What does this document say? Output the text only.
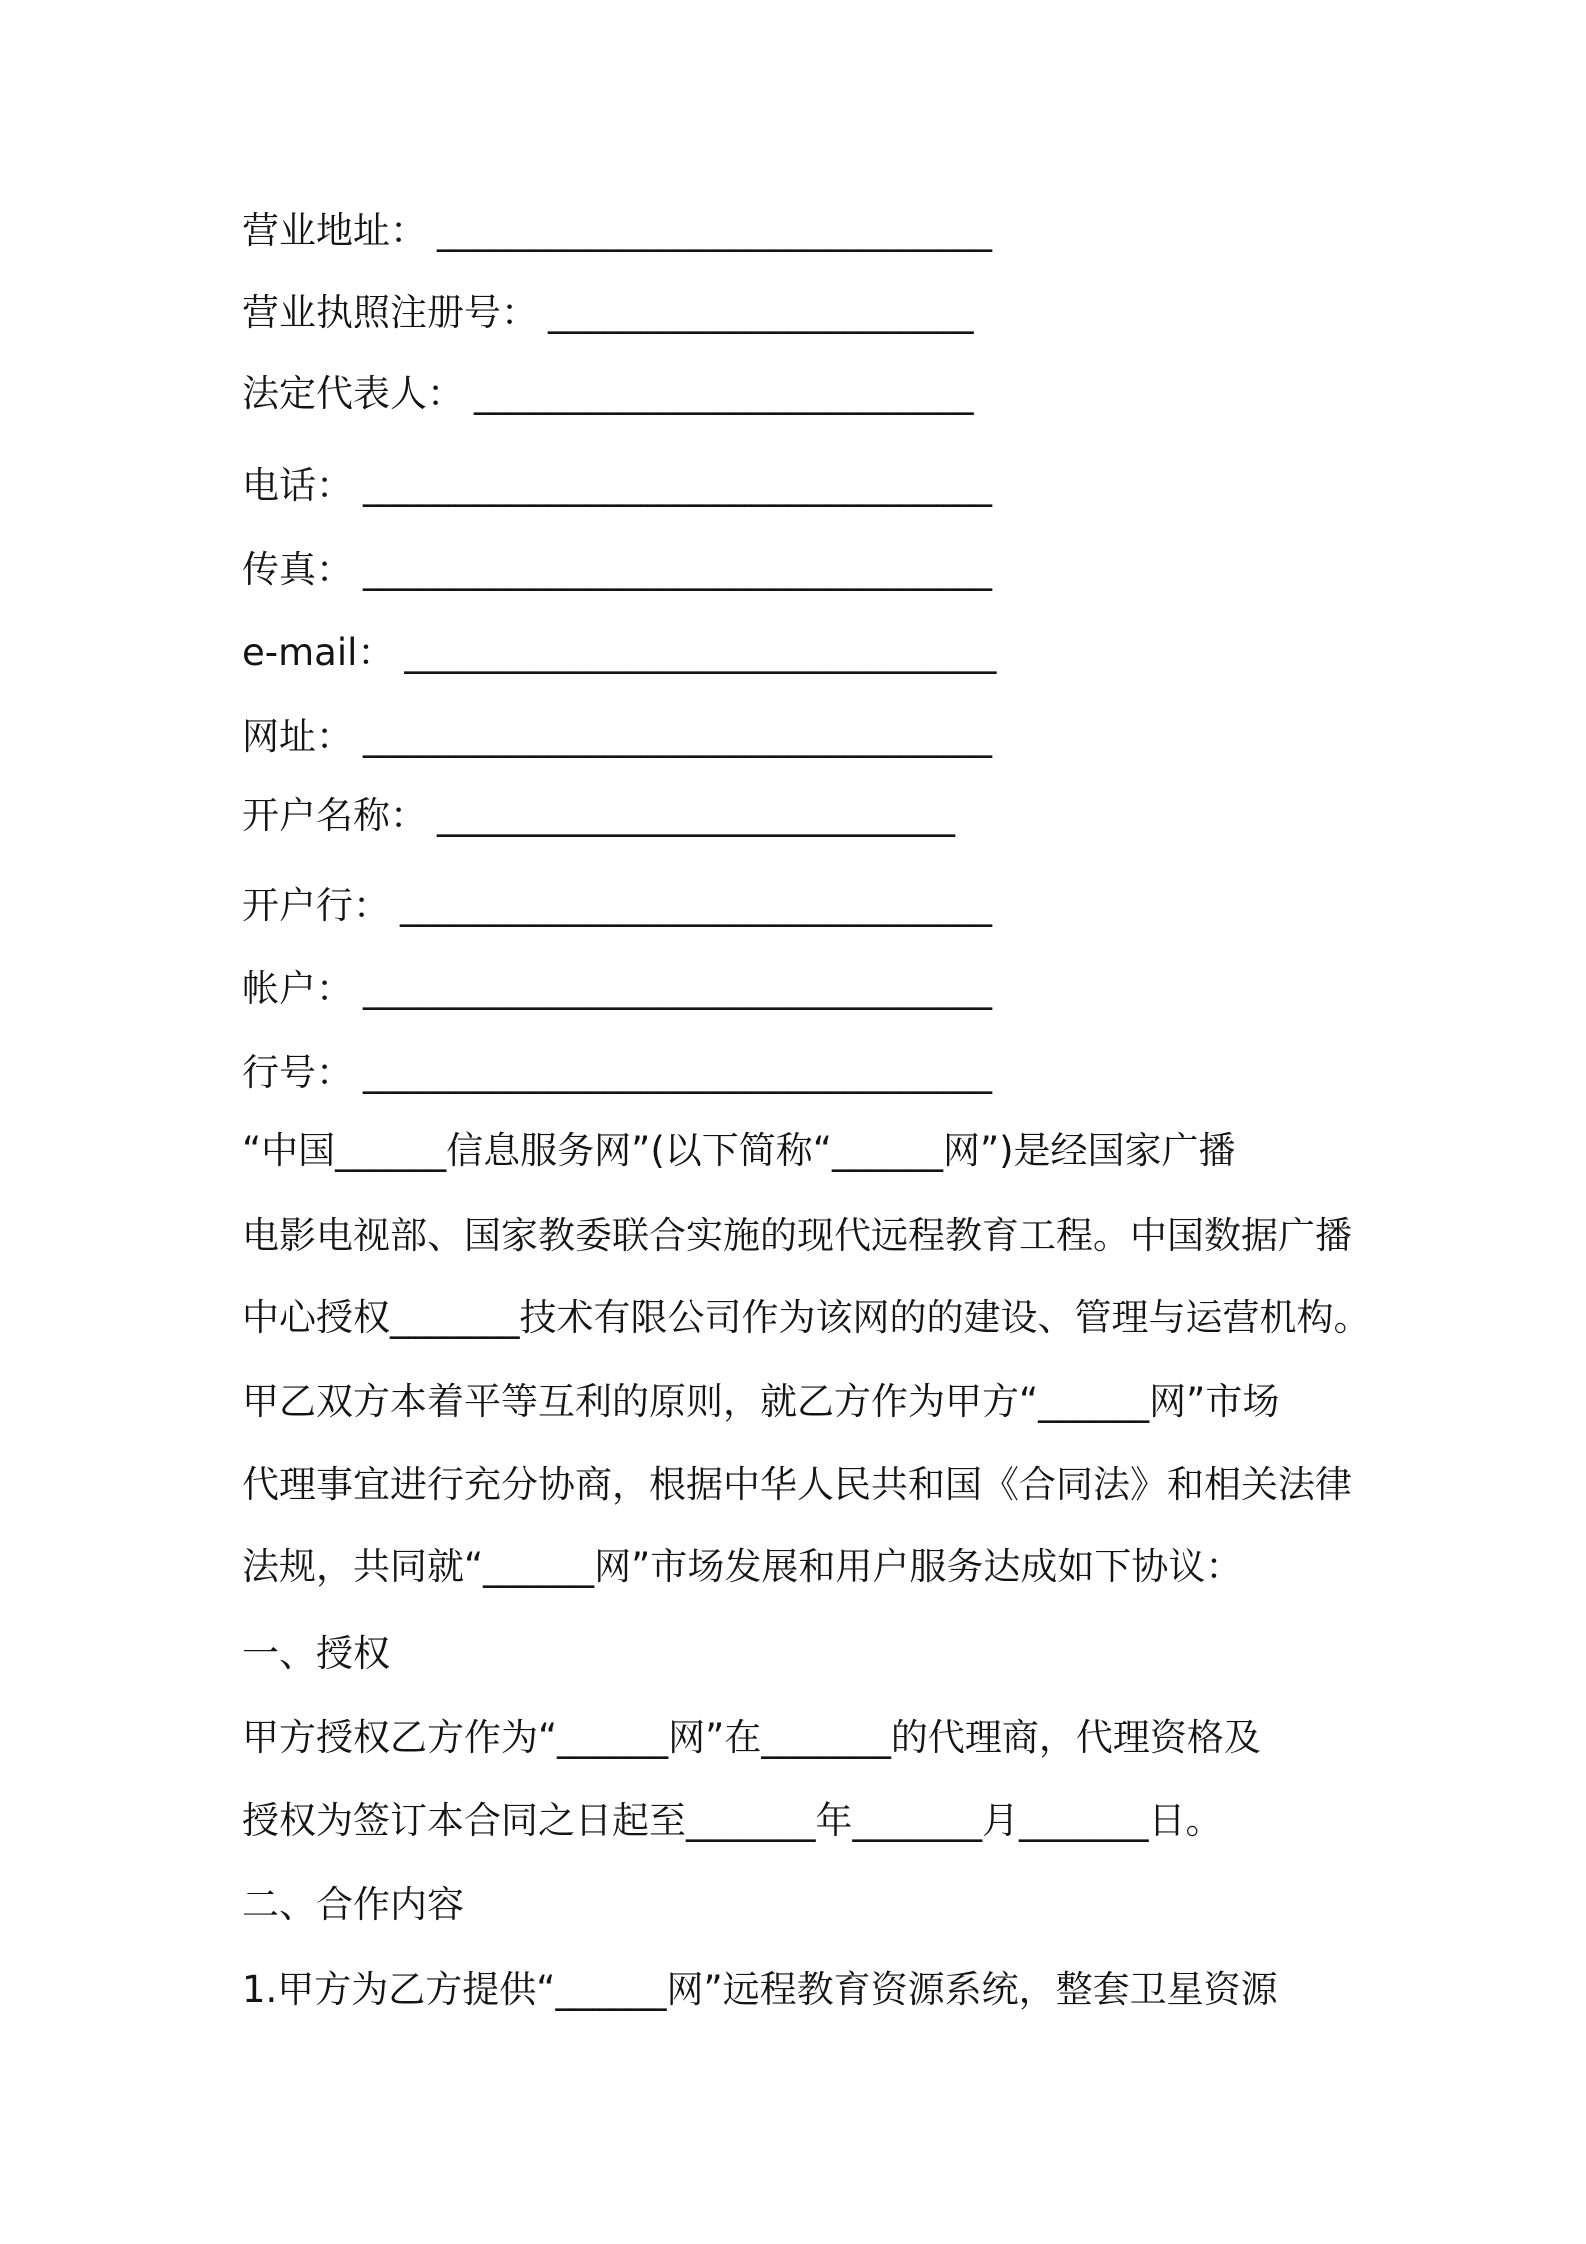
营业地址： ______________________________
营业执照注册号： _______________________
法定代表人： ___________________________
电话： __________________________________
传真： __________________________________
e-mail： ________________________________
网址： __________________________________
开户名称： ____________________________
开户行： ________________________________
帐户： __________________________________
行号： __________________________________
“中国______信息服务网”(以下简称“______网”)是经国家广播
电影电视部、国家教委联合实施的现代远程教育工程。中国数据广播
中心授权_______技术有限公司作为该网的的建设、管理与运营机构。
甲乙双方本着平等互利的原则，就乙方作为甲方“______网”市场
代理事宜进行充分协商，根据中华人民共和国《合同法》和相关法律
法规，共同就“______网”市场发展和用户服务达成如下协议：
一、授权
甲方授权乙方作为“______网”在_______的代理商，代理资格及
授权为签订本合同之日起至_______年_______月_______日。
二、合作内容
1.甲方为乙方提供“______网”远程教育资源系统，整套卫星资源
